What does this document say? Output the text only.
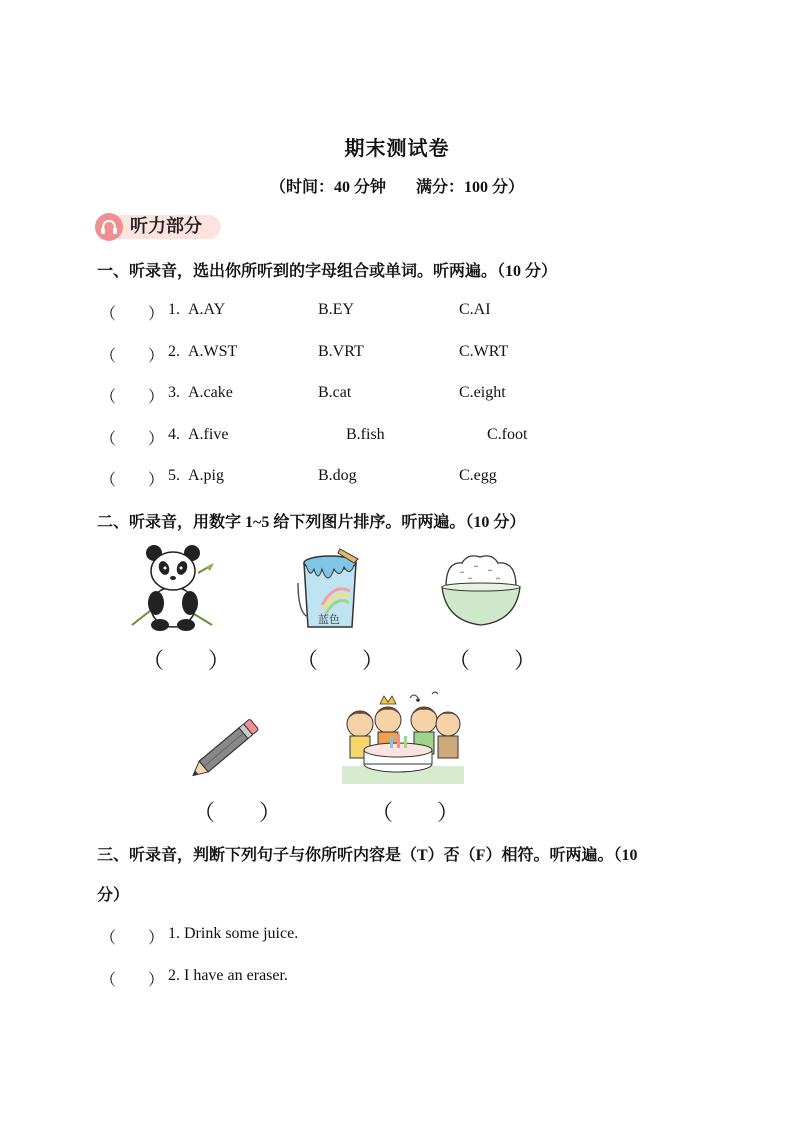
期末测试卷
（时间：40 分钟 满分：100 分）
听力部分
一、听录音，选出你所听到的字母组合或单词。听两遍。（10 分）
（ ） 1. A.AY	B.EY	C.AI
（ ） 2. A.WST	B.VRT	C.WRT
（ ） 3. A.cake	B.cat	C.eight
（ ） 4. A.five	B.fish	C.foot
（ ） 5. A.pig	B.dog	C.egg
二、听录音，用数字 1~5 给下列图片排序。听两遍。（10 分）
（　　）
蓝色
（　　）	（　　）
（　　）	（　　）
三、听录音，判断下列句子与你所听内容是（T）否（F）相符。听两遍。（10
分）
（ ） 1. Drink some juice.
（ ） 2. I have an eraser.
